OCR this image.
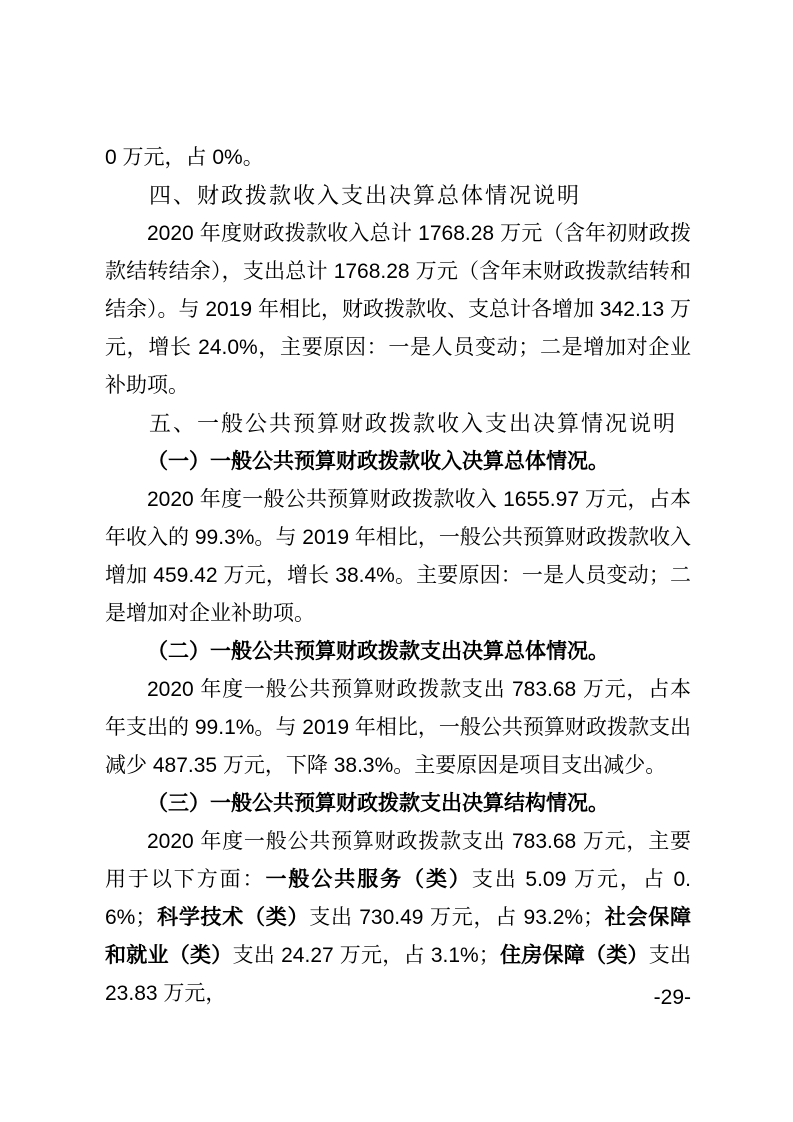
0 万元，占 0%。

四、财政拨款收入支出决算总体情况说明

2020 年度财政拨款收入总计 1768.28 万元（含年初财政拨款结转结余），支出总计 1768.28 万元（含年末财政拨款结转和结余）。与 2019 年相比，财政拨款收、支总计各增加 342.13 万元，增长 24.0%，主要原因：一是人员变动；二是增加对企业补助项。

五、一般公共预算财政拨款收入支出决算情况说明

（一）一般公共预算财政拨款收入决算总体情况。

2020 年度一般公共预算财政拨款收入 1655.97 万元，占本年收入的 99.3%。与 2019 年相比，一般公共预算财政拨款收入增加 459.42 万元，增长 38.4%。主要原因：一是人员变动；二是增加对企业补助项。

（二）一般公共预算财政拨款支出决算总体情况。

2020 年度一般公共预算财政拨款支出 783.68 万元，占本年支出的 99.1%。与 2019 年相比，一般公共预算财政拨款支出减少 487.35 万元，下降 38.3%。主要原因是项目支出减少。

（三）一般公共预算财政拨款支出决算结构情况。

2020 年度一般公共预算财政拨款支出 783.68 万元，主要用于以下方面：一般公共服务（类）支出 5.09 万元，占 0.6%；科学技术（类）支出 730.49 万元，占 93.2%；社会保障和就业（类）支出 24.27 万元，占 3.1%；住房保障（类）支出 23.83 万元，	-29-
